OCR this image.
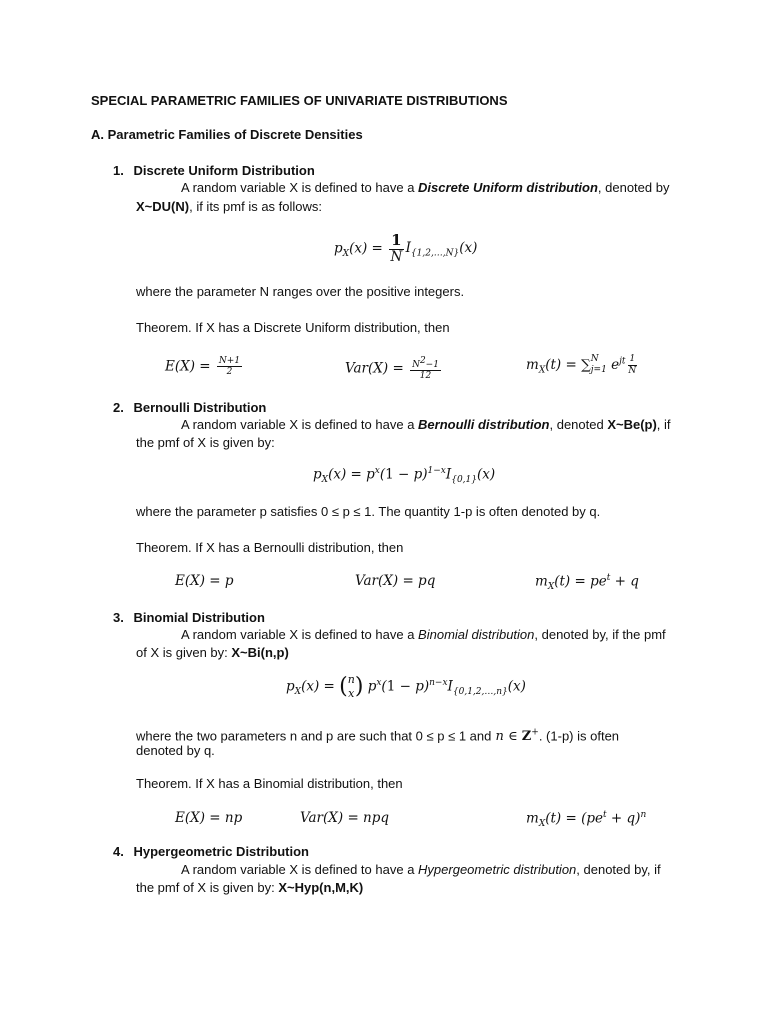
SPECIAL PARAMETRIC FAMILIES OF UNIVARIATE DISTRIBUTIONS
A. Parametric Families of Discrete Densities
1. Discrete Uniform Distribution
A random variable X is defined to have a Discrete Uniform distribution, denoted by
X~DU(N), if its pmf is as follows:
$p_X(x) = \frac{1}{N} I_{\{1,2,\dots,N\}}(x)$
where the parameter N ranges over the positive integers.
Theorem. If X has a Discrete Uniform distribution, then
$E(X) = \frac{N+1}{2}$	$Var(X) = \frac{N^2-1}{12}$	$m_X(t)$ = ∑ N
j=1 $e^{jt} \frac{1}{N}$
2. Bernoulli Distribution
A random variable X is defined to have a Bernoulli distribution, denoted X~Be(p), if
the pmf of X is given by:
$p_X(x) = p^x(1 - p)^{1-x}I_{\{0,1\}}(x)$
where the parameter p satisfies 0 ≤ p ≤ 1. The quantity 1-p is often denoted by q.
Theorem. If X has a Bernoulli distribution, then
E(X) = p	Var(X) = pq	$m_X(t) = pe^t + q$
3. Binomial Distribution
A random variable X is defined to have a Binomial distribution, denoted by, if the pmf
of X is given by: X~Bi(n,p)
$p_X(x)$ = ( n
x ) $p^x(1 - p)^{n-x}I_{\{0,1,2,\dots,n\}}(x)$
where the two parameters n and p are such that 0 ≤ p ≤ 1 and n ∈ Z+. (1-p) is often
denoted by q.
Theorem. If X has a Binomial distribution, then
E(X) = np	Var(X) = npq	$m_X(t) = (pe^t + q)^n$
4. Hypergeometric Distribution
A random variable X is defined to have a Hypergeometric distribution, denoted by, if
the pmf of X is given by: X~Hyp(n,M,K)
